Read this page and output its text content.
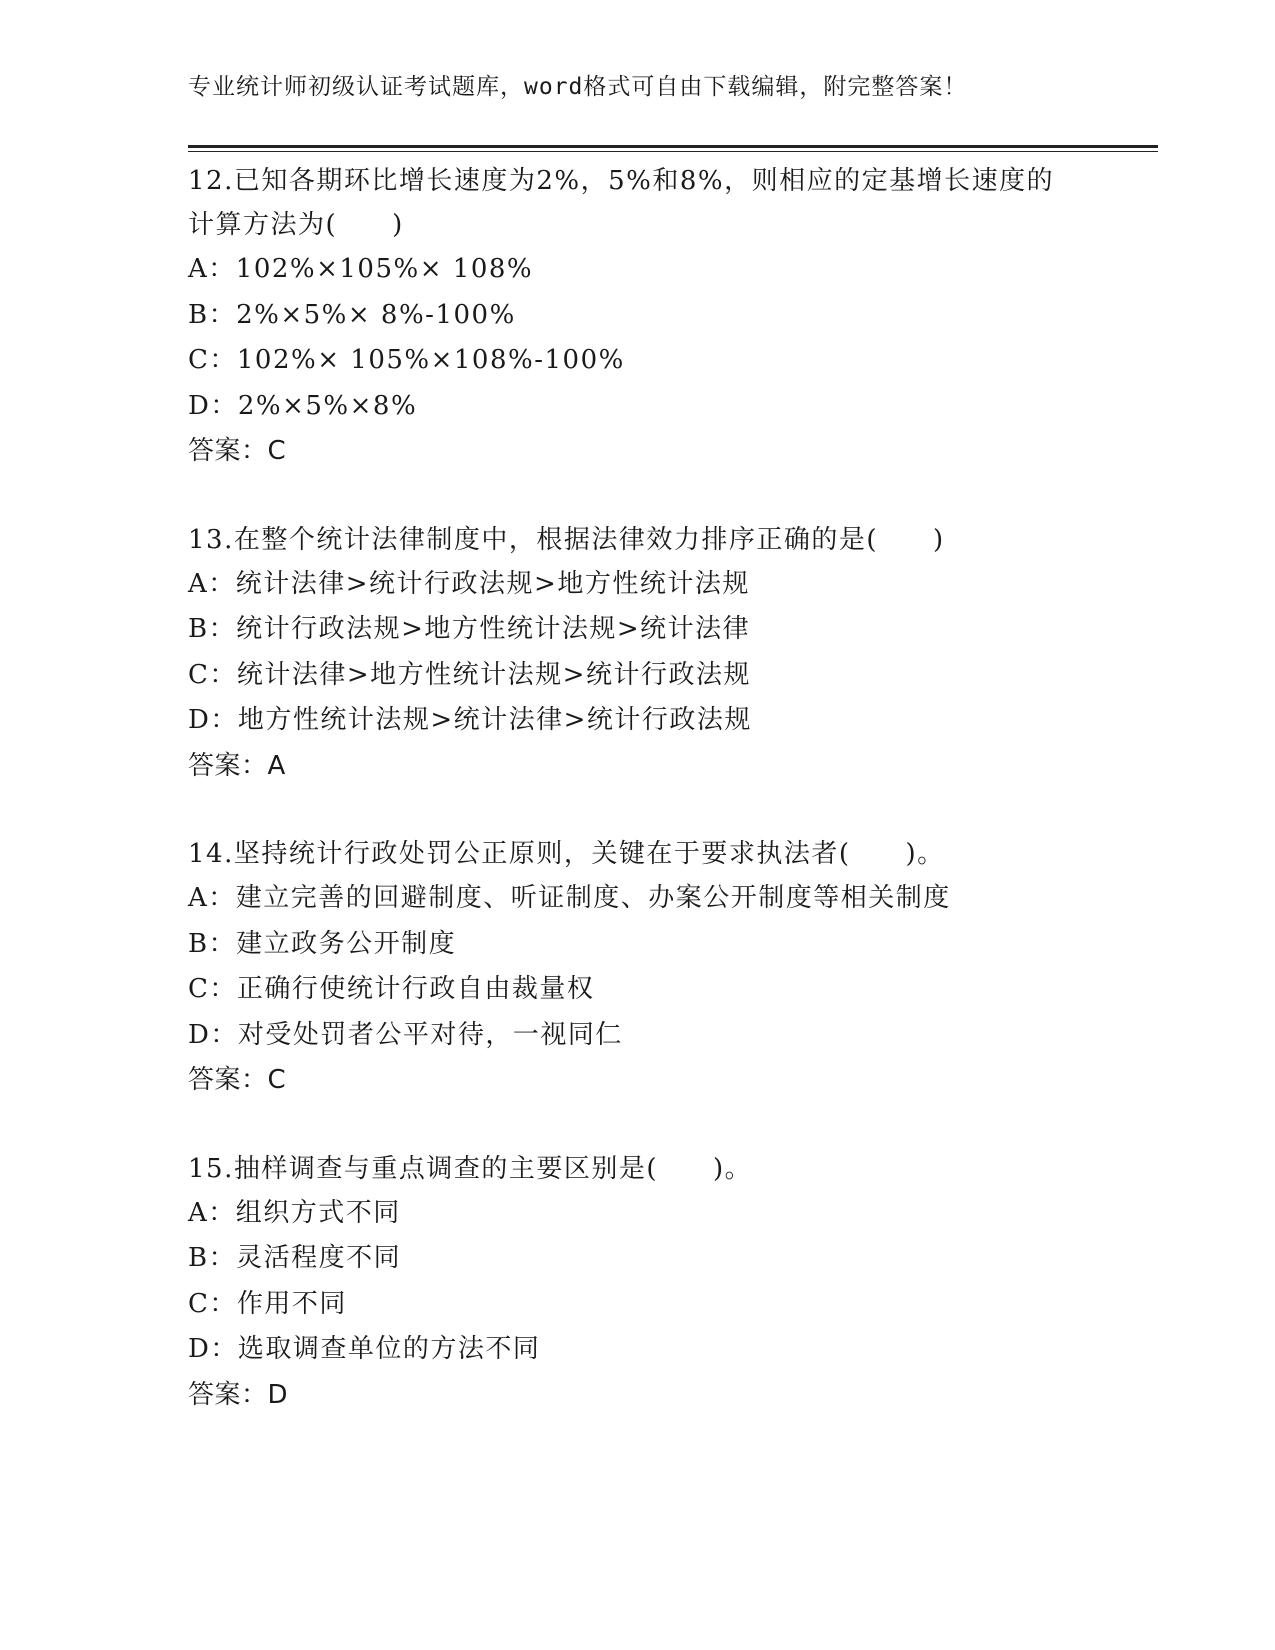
专业统计师初级认证考试题库，word格式可自由下载编辑，附完整答案！
12.已知各期环比增长速度为2%，5%和8%，则相应的定基增长速度的
计算方法为(　　)
A：102%×105%× 108%
B：2%×5%× 8%-100%
C：102%× 105%×108%-100%
D：2%×5%×8%
答案：C
13.在整个统计法律制度中，根据法律效力排序正确的是(　　)
A：统计法律>统计行政法规>地方性统计法规
B：统计行政法规>地方性统计法规>统计法律
C：统计法律>地方性统计法规>统计行政法规
D：地方性统计法规>统计法律>统计行政法规
答案：A
14.坚持统计行政处罚公正原则，关键在于要求执法者(　　)。
A：建立完善的回避制度、听证制度、办案公开制度等相关制度
B：建立政务公开制度
C：正确行使统计行政自由裁量权
D：对受处罚者公平对待，一视同仁
答案：C
15.抽样调查与重点调查的主要区别是(　　)。
A：组织方式不同
B：灵活程度不同
C：作用不同
D：选取调查单位的方法不同
答案：D
